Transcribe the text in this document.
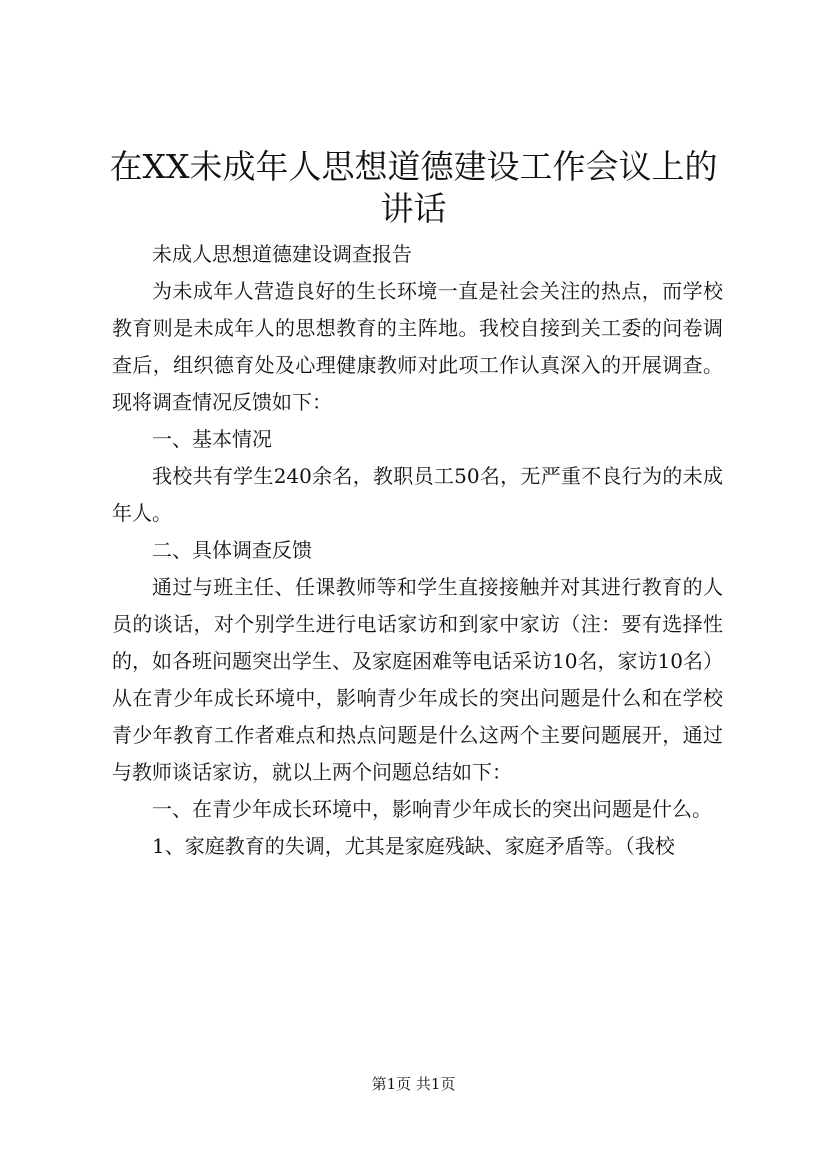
在XX未成年人思想道德建设工作会议上的讲话

未成人思想道德建设调查报告

为未成年人营造良好的生长环境一直是社会关注的热点，而学校教育则是未成年人的思想教育的主阵地。我校自接到关工委的问卷调查后，组织德育处及心理健康教师对此项工作认真深入的开展调查。现将调查情况反馈如下：

一、基本情况

我校共有学生240余名，教职员工50名，无严重不良行为的未成年人。

二、具体调查反馈

通过与班主任、任课教师等和学生直接接触并对其进行教育的人员的谈话，对个别学生进行电话家访和到家中家访（注：要有选择性的，如各班问题突出学生、及家庭困难等电话采访10名，家访10名）从在青少年成长环境中，影响青少年成长的突出问题是什么和在学校青少年教育工作者难点和热点问题是什么这两个主要问题展开，通过与教师谈话家访，就以上两个问题总结如下：

一、在青少年成长环境中，影响青少年成长的突出问题是什么。

1、家庭教育的失调，尤其是家庭残缺、家庭矛盾等。（我校

第1页 共1页
